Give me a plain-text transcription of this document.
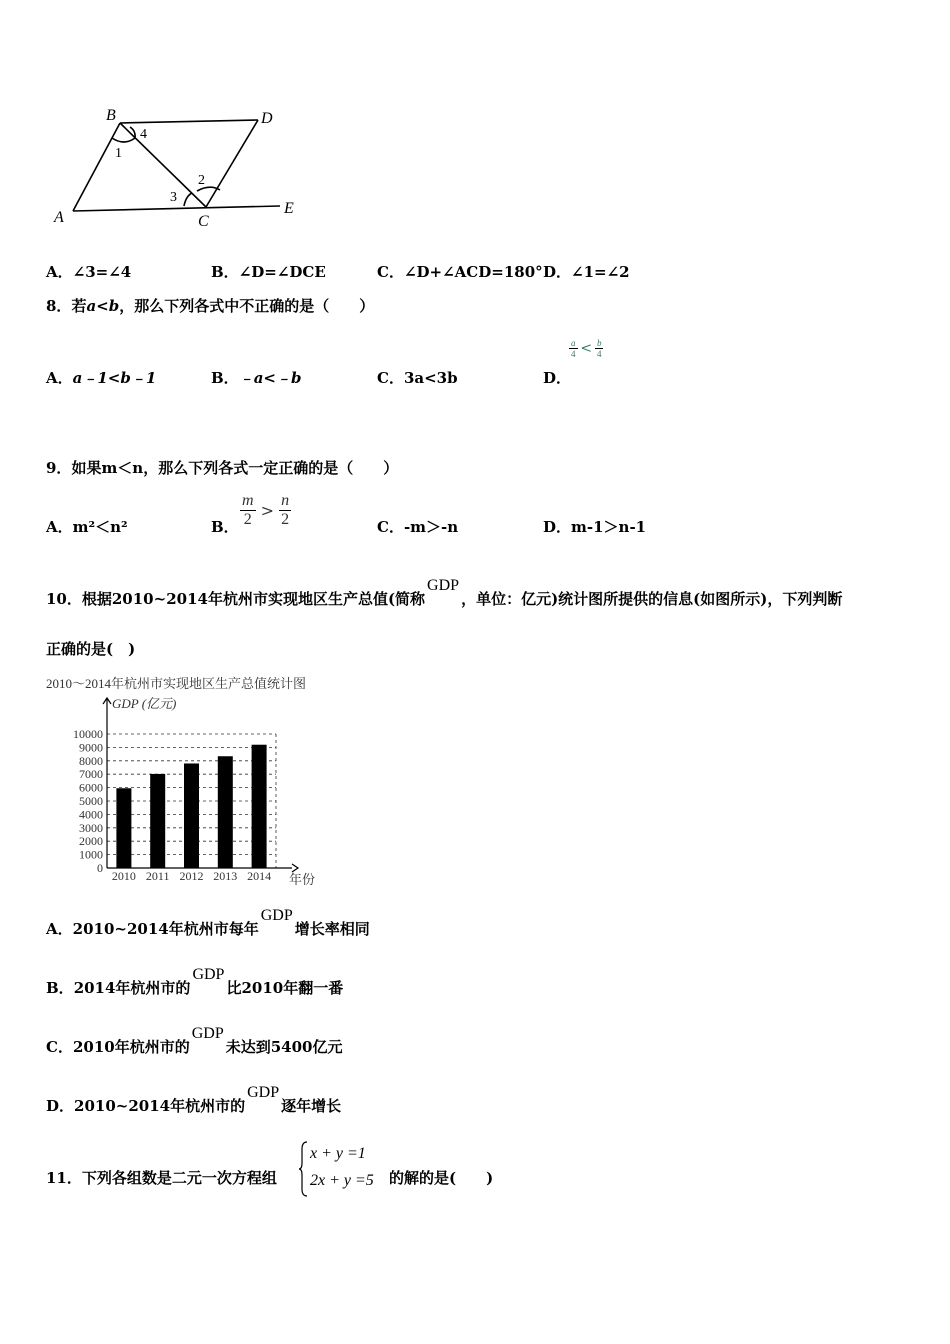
B	D
A	C
E
1
2
3
4
A．∠3=∠4	B．∠D=∠DCE	C．∠D+∠ACD=180° D．∠1=∠2
8．若a<b，那么下列各式中不正确的是（　　）
A．a﹣1<b﹣1	B．﹣a<﹣b	C．3a<3b	D．
$\frac{a}{4} < \frac{b}{4}$
9．如果m＜n，那么下列各式一定正确的是（　　）
A．m²＜n²	B． $\frac{m}{2} > \frac{n}{2}$	C．-m＞-n	D．m-1＞n-1
10．根据2010~2014年杭州市实现地区生产总值(简称GDP，单位：亿元)统计图所提供的信息(如图所示)，下列判断
正确的是(　)
2010～2014年杭州市实现地区生产总值统计图
GDP (亿元)
0
1000
2000
3000
4000
5000
6000
7000
8000
9000
10000
2010 2011 2012 2013 2014 年份
A．2010~2014年杭州市每年GDP增长率相同
B．2014年杭州市的GDP比2010年翻一番
C．2010年杭州市的GDP未达到5400亿元
D．2010~2014年杭州市的GDP逐年增长
11．下列各组数是二元一次方程组
x + y =1
2x + y =5 的解的是(　　)
